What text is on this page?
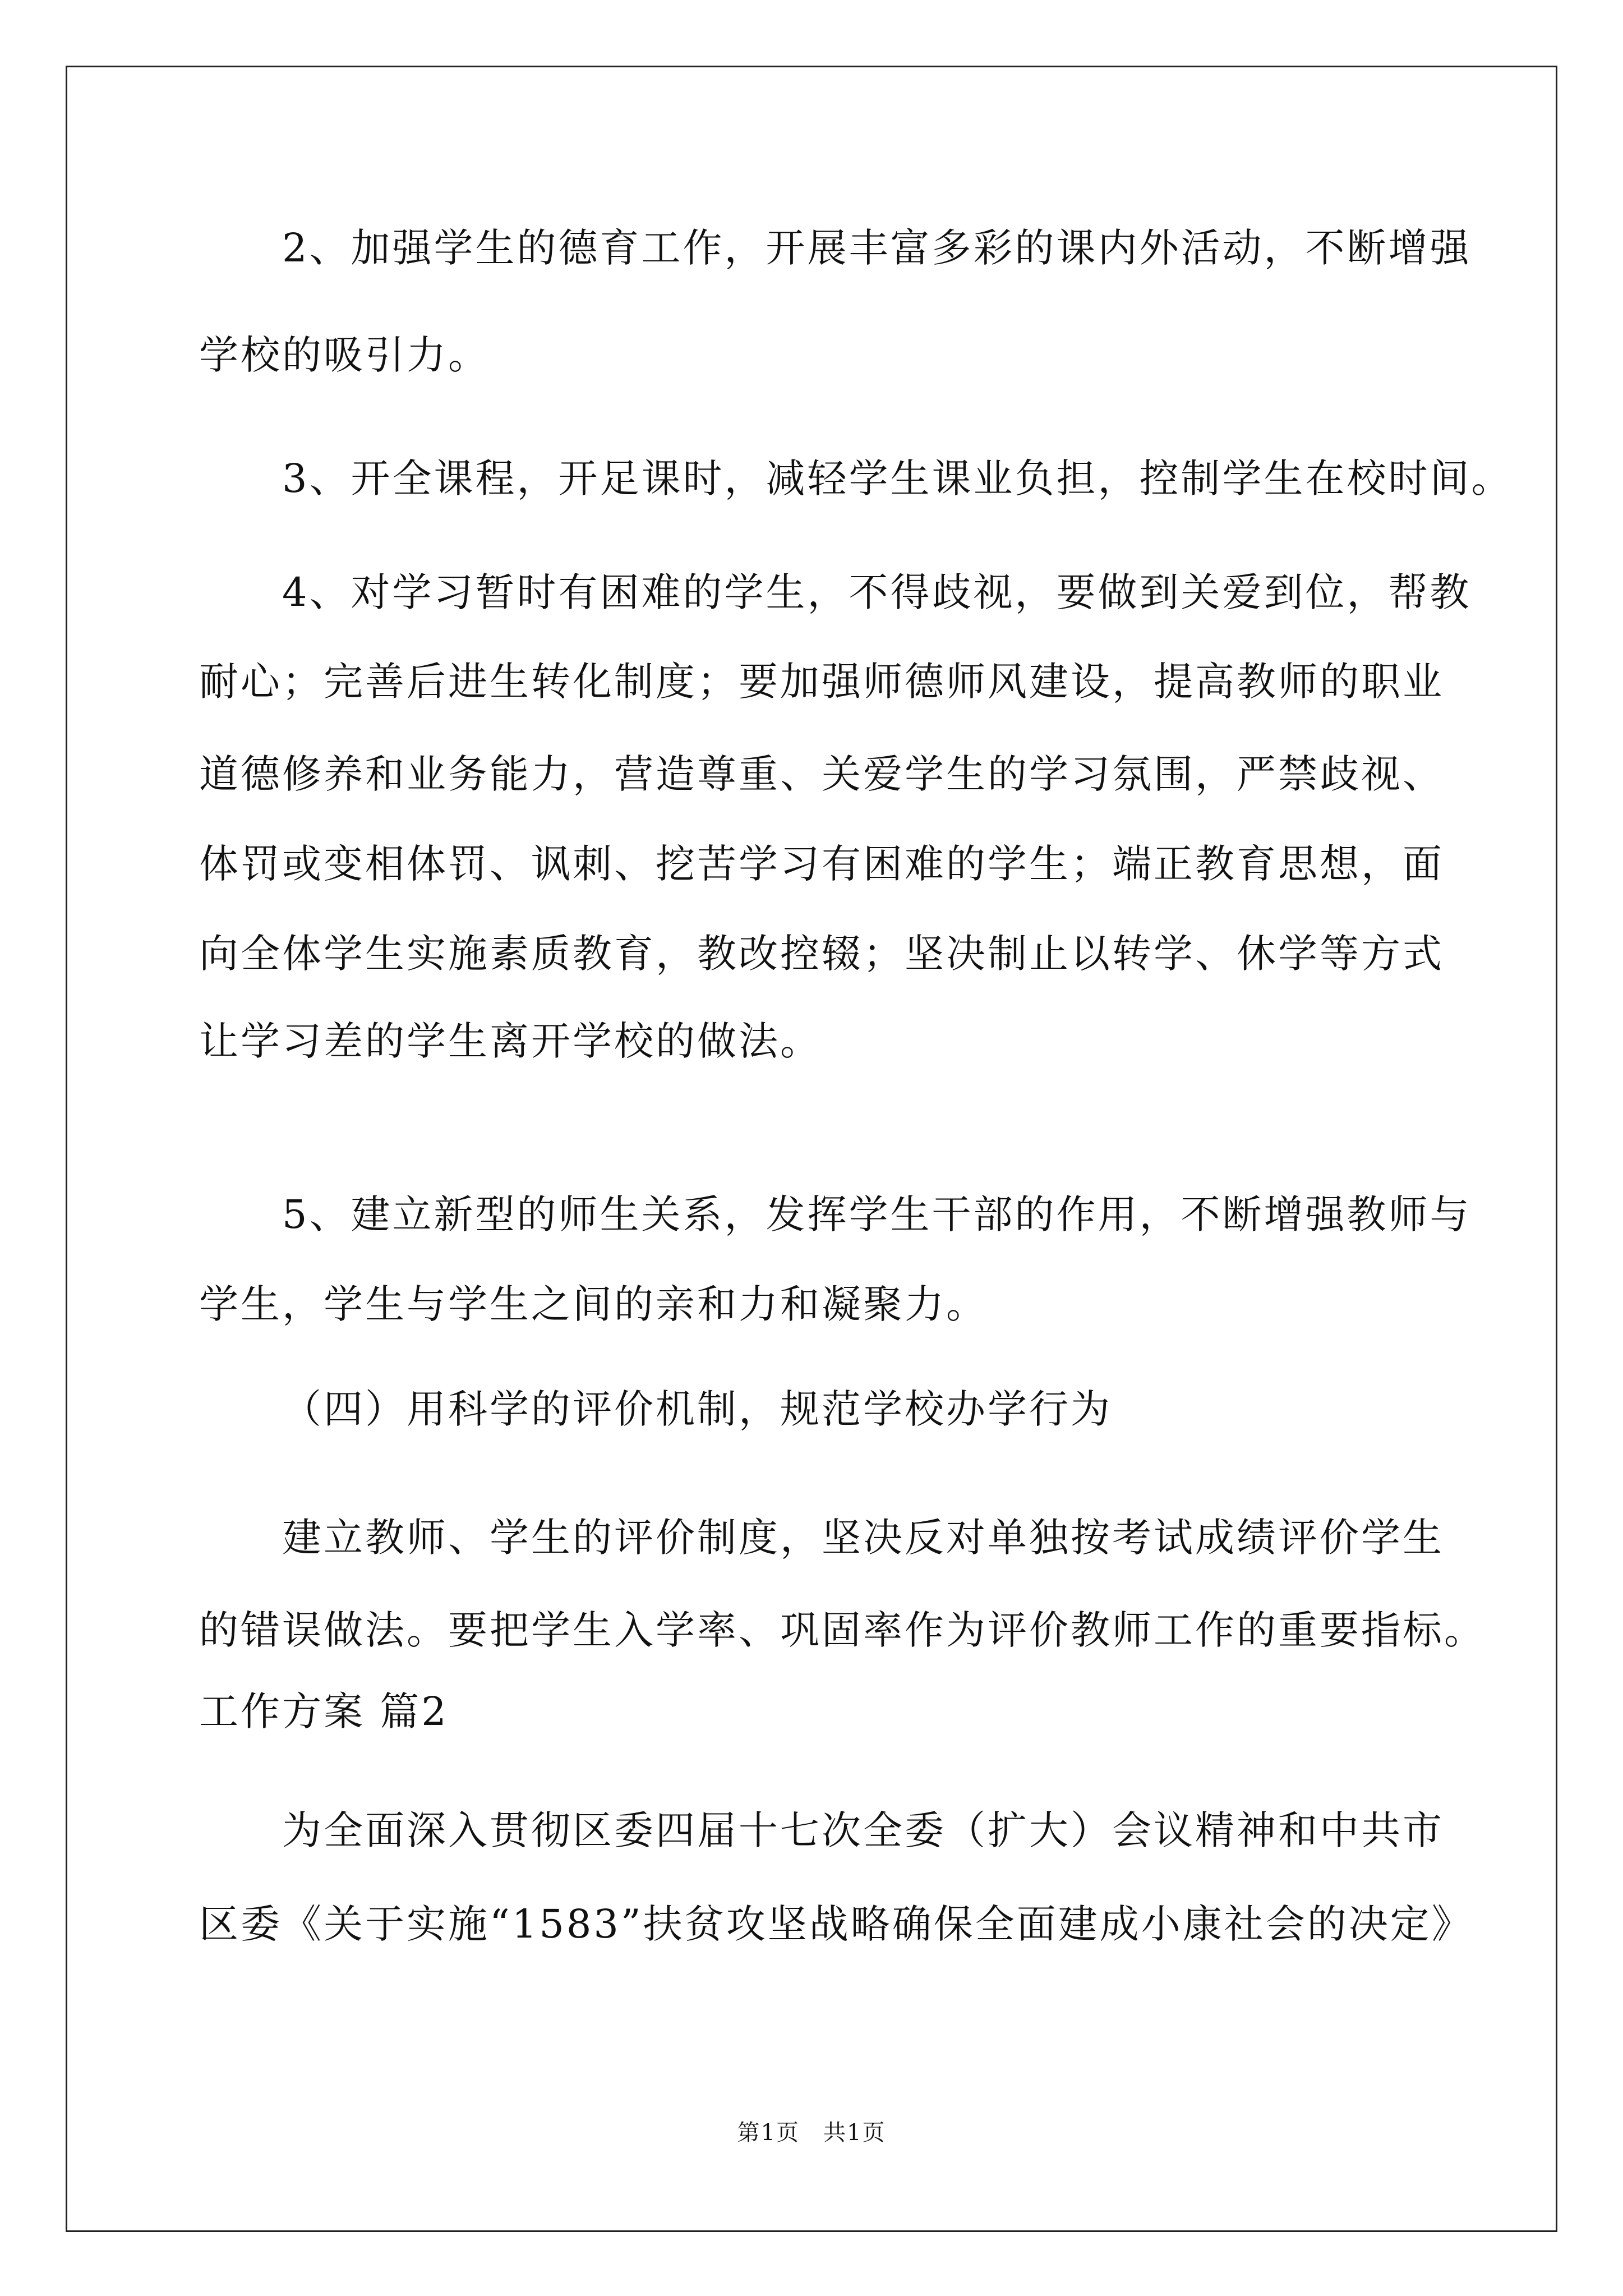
2、加强学生的德育工作，开展丰富多彩的课内外活动，不断增强
学校的吸引力。
3、开全课程，开足课时，减轻学生课业负担，控制学生在校时间。
4、对学习暂时有困难的学生，不得歧视，要做到关爱到位，帮教
耐心；完善后进生转化制度；要加强师德师风建设，提高教师的职业
道德修养和业务能力，营造尊重、关爱学生的学习氛围，严禁歧视、
体罚或变相体罚、讽刺、挖苦学习有困难的学生；端正教育思想，面
向全体学生实施素质教育，教改控辍；坚决制止以转学、休学等方式
让学习差的学生离开学校的做法。
5、建立新型的师生关系，发挥学生干部的作用，不断增强教师与
学生，学生与学生之间的亲和力和凝聚力。
（四）用科学的评价机制，规范学校办学行为
建立教师、学生的评价制度，坚决反对单独按考试成绩评价学生
的错误做法。要把学生入学率、巩固率作为评价教师工作的重要指标。
工作方案 篇2
为全面深入贯彻区委四届十七次全委（扩大）会议精神和中共市
区委《关于实施“1583”扶贫攻坚战略确保全面建成小康社会的决定》
第1页　共1页
